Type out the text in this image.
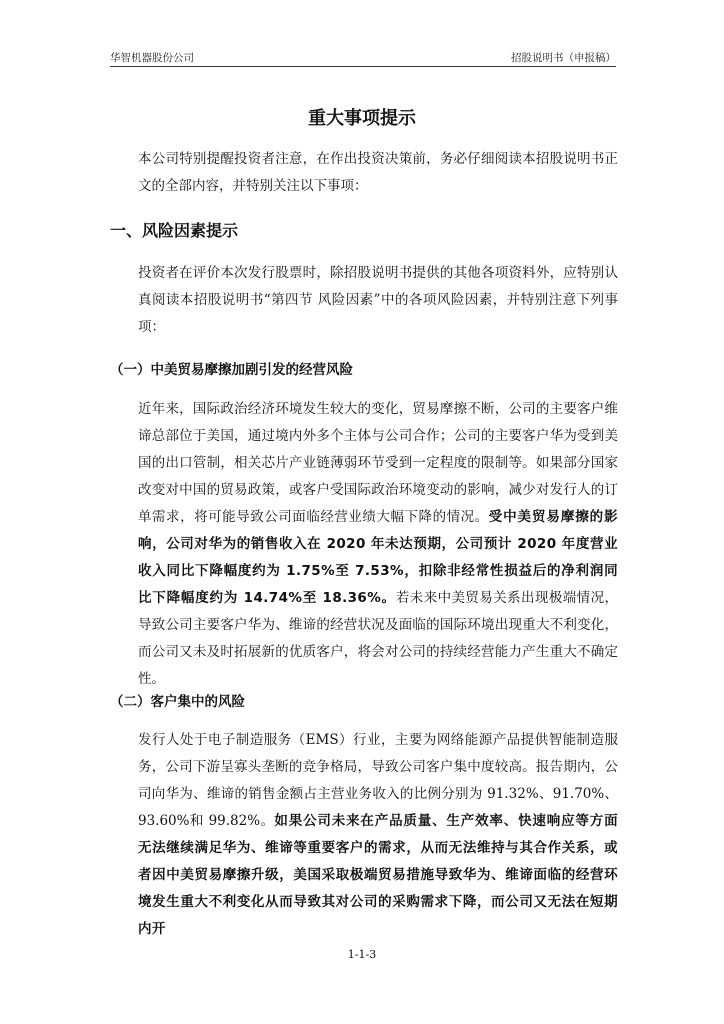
华智机器股份公司	招股说明书（申报稿）
重大事项提示
本公司特别提醒投资者注意，在作出投资决策前，务必仔细阅读本招股说明书正文的全部内容，并特别关注以下事项：
一、风险因素提示
投资者在评价本次发行股票时，除招股说明书提供的其他各项资料外，应特别认真阅读本招股说明书“第四节 风险因素”中的各项风险因素，并特别注意下列事项：
（一）中美贸易摩擦加剧引发的经营风险
近年来，国际政治经济环境发生较大的变化，贸易摩擦不断，公司的主要客户维谛总部位于美国，通过境内外多个主体与公司合作；公司的主要客户华为受到美国的出口管制，相关芯片产业链薄弱环节受到一定程度的限制等。如果部分国家改变对中国的贸易政策，或客户受国际政治环境变动的影响，减少对发行人的订单需求，将可能导致公司面临经营业绩大幅下降的情况。受中美贸易摩擦的影响，公司对华为的销售收入在 2020 年未达预期，公司预计 2020 年度营业收入同比下降幅度约为 1.75%至 7.53%，扣除非经常性损益后的净利润同比下降幅度约为 14.74%至 18.36%。若未来中美贸易关系出现极端情况，导致公司主要客户华为、维谛的经营状况及面临的国际环境出现重大不利变化，而公司又未及时拓展新的优质客户，将会对公司的持续经营能力产生重大不确定性。
（二）客户集中的风险
发行人处于电子制造服务（EMS）行业，主要为网络能源产品提供智能制造服务，公司下游呈寡头垄断的竞争格局，导致公司客户集中度较高。报告期内，公司向华为、维谛的销售金额占主营业务收入的比例分别为 91.32%、91.70%、93.60%和 99.82%。如果公司未来在产品质量、生产效率、快速响应等方面无法继续满足华为、维谛等重要客户的需求，从而无法维持与其合作关系，或者因中美贸易摩擦升级，美国采取极端贸易措施导致华为、维谛面临的经营环境发生重大不利变化从而导致其对公司的采购需求下降，而公司又无法在短期内开
1-1-3
